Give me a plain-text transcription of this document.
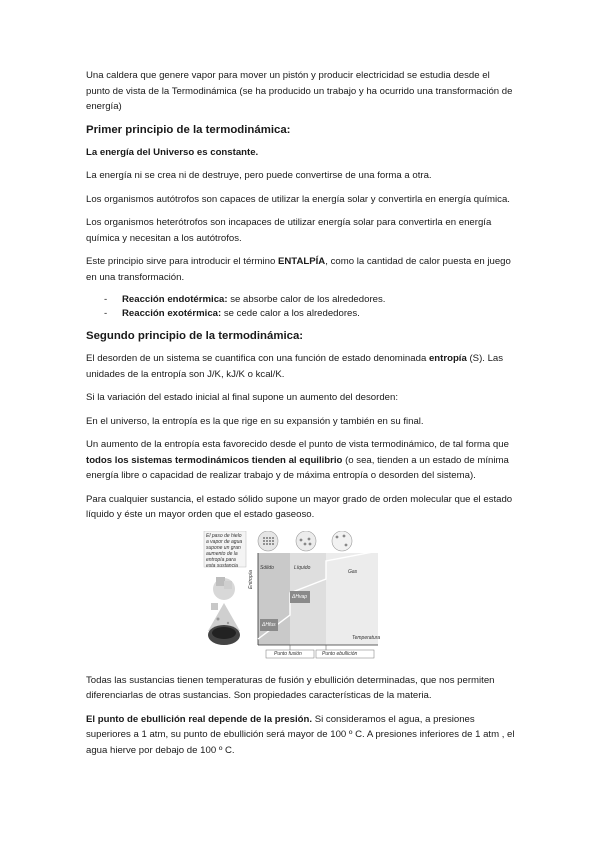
Una caldera que genere vapor para mover un pistón y producir electricidad se estudia desde el punto de vista de la Termodinámica (se ha producido un trabajo y ha ocurrido una transformación de energía)

Primer principio de la termodinámica:

La energía del Universo es constante.

La energía ni se crea ni de destruye, pero puede convertirse de una forma a otra.

Los organismos autótrofos son capaces de utilizar la energía solar y convertirla en energía química.

Los organismos heterótrofos son incapaces de utilizar energía solar para convertirla en energía química y necesitan a los autótrofos.

Este principio sirve para introducir el término ENTALPÍA, como la cantidad de calor puesta en juego en una transformación.

- Reacción endotérmica: se absorbe calor de los alrededores.
- Reacción exotérmica: se cede calor a los alrededores.
Segundo principio de la termodinámica:

El desorden de un sistema se cuantifica con una función de estado denominada entropía (S). Las unidades de la entropía son J/K, kJ/K o kcal/K.

Si la variación del estado inicial al final supone un aumento del desorden:

En el universo, la entropía es la que rige en su expansión y también en su final.

Un aumento de la entropía esta favorecido desde el punto de vista termodinámico, de tal forma que todos los sistemas termodinámicos tienden al equilibrio (o sea, tienden a un estado de mínima energía libre o capacidad de realizar trabajo y de máxima entropía o desorden del sistema).

Para cualquier sustancia, el estado sólido supone un mayor grado de orden molecular que el estado líquido y éste un mayor orden que el estado gaseoso.

El paso de hielo a vapor de agua supone un gran aumento de la entropía para esta sustancia
Entropía
Sólido	Líquido
Gas
ΔHvap
ΔHfus
Temperatura
Punto fusión	Punto ebullición

Todas las sustancias tienen temperaturas de fusión y ebullición determinadas, que nos permiten diferenciarlas de otras sustancias. Son propiedades características de la materia.

El punto de ebullición real depende de la presión. Si consideramos el agua, a presiones superiores a 1 atm, su punto de ebullición será mayor de 100 º C. A presiones inferiores de 1 atm , el agua hierve por debajo de 100 º C.
